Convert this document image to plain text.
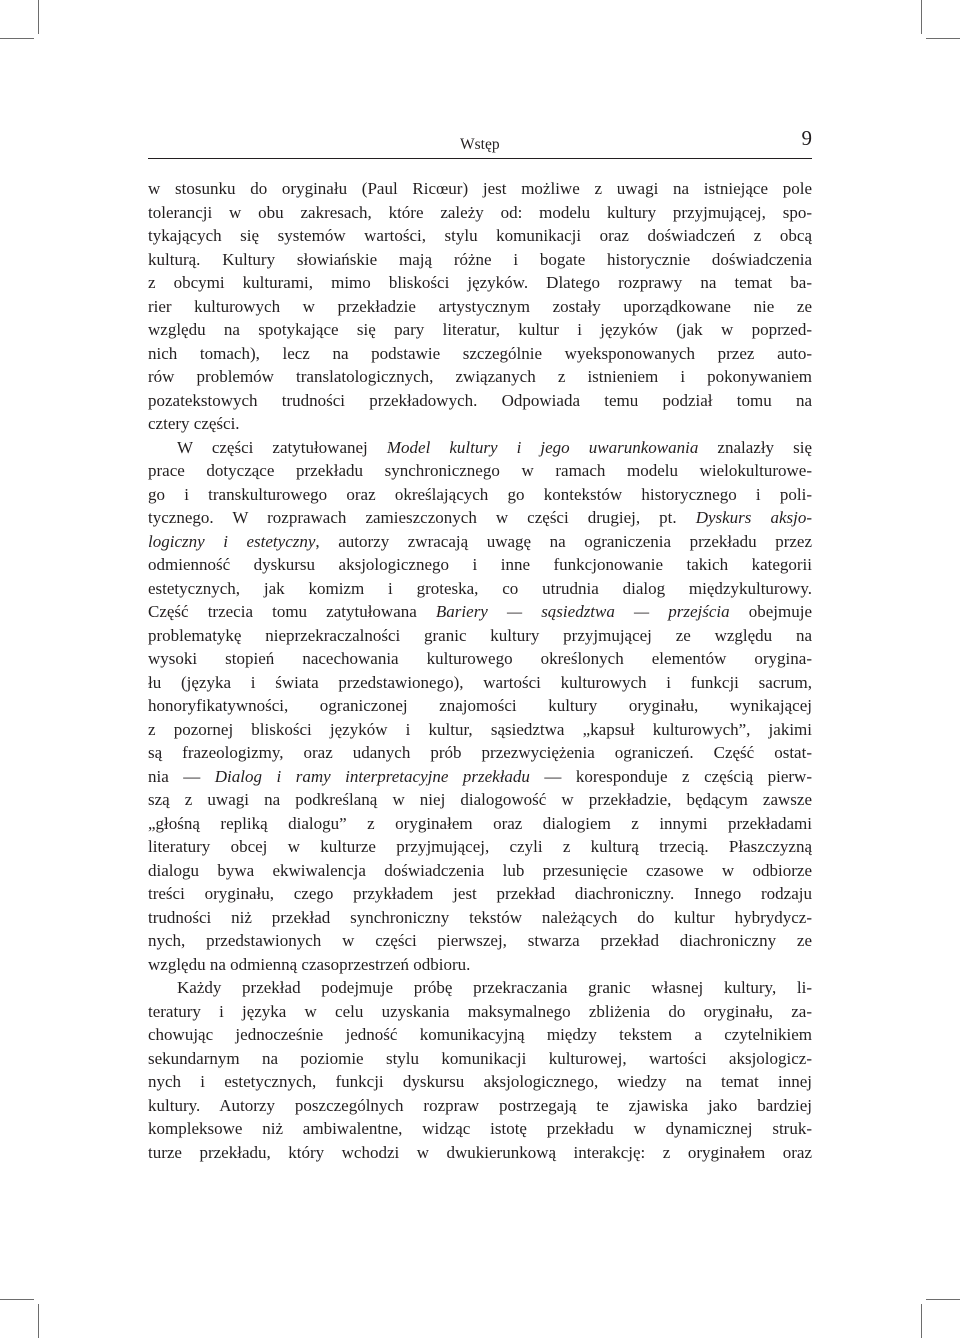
Wstęp	9
w stosunku do oryginału (Paul Ricœur) jest możliwe z uwagi na istniejące pole
tolerancji w obu zakresach, które zależy od: modelu kultury przyjmującej, spo-
tykających się systemów wartości, stylu komunikacji oraz doświadczeń z obcą
kulturą. Kultury słowiańskie mają różne i bogate historycznie doświadczenia
z obcymi kulturami, mimo bliskości języków. Dlatego rozprawy na temat ba-
rier kulturowych w przekładzie artystycznym zostały uporządkowane nie ze
względu na spotykające się pary literatur, kultur i języków (jak w poprzed-
nich tomach), lecz na podstawie szczególnie wyeksponowanych przez auto-
rów problemów translatologicznych, związanych z istnieniem i pokonywaniem
pozatekstowych trudności przekładowych. Odpowiada temu podział tomu na
cztery części.
W części zatytułowanej Model kultury i jego uwarunkowania znalazły się
prace dotyczące przekładu synchronicznego w ramach modelu wielokulturowe-
go i transkulturowego oraz określających go kontekstów historycznego i poli-
tycznego. W rozprawach zamieszczonych w części drugiej, pt. Dyskurs aksjo-
logiczny i estetyczny, autorzy zwracają uwagę na ograniczenia przekładu przez
odmienność dyskursu aksjologicznego i inne funkcjonowanie takich kategorii
estetycznych, jak komizm i groteska, co utrudnia dialog międzykulturowy.
Część trzecia tomu zatytułowana Bariery — sąsiedztwa — przejścia obejmuje
problematykę nieprzekraczalności granic kultury przyjmującej ze względu na
wysoki stopień nacechowania kulturowego określonych elementów orygina-
łu (języka i świata przedstawionego), wartości kulturowych i funkcji sacrum,
honoryfikatywności, ograniczonej znajomości kultury oryginału, wynikającej
z pozornej bliskości języków i kultur, sąsiedztwa „kapsuł kulturowych”, jakimi
są frazeologizmy, oraz udanych prób przezwyciężenia ograniczeń. Część ostat-
nia — Dialog i ramy interpretacyjne przekładu — koresponduje z częścią pierw-
szą z uwagi na podkreślaną w niej dialogowość w przekładzie, będącym zawsze
„głośną repliką dialogu” z oryginałem oraz dialogiem z innymi przekładami
literatury obcej w kulturze przyjmującej, czyli z kulturą trzecią. Płaszczyzną
dialogu bywa ekwiwalencja doświadczenia lub przesunięcie czasowe w odbiorze
treści oryginału, czego przykładem jest przekład diachroniczny. Innego rodzaju
trudności niż przekład synchroniczny tekstów należących do kultur hybrydycz-
nych, przedstawionych w części pierwszej, stwarza przekład diachroniczny ze
względu na odmienną czasoprzestrzeń odbioru.
Każdy przekład podejmuje próbę przekraczania granic własnej kultury, li-
teratury i języka w celu uzyskania maksymalnego zbliżenia do oryginału, za-
chowując jednocześnie jedność komunikacyjną między tekstem a czytelnikiem
sekundarnym na poziomie stylu komunikacji kulturowej, wartości aksjologicz-
nych i estetycznych, funkcji dyskursu aksjologicznego, wiedzy na temat innej
kultury. Autorzy poszczególnych rozpraw postrzegają te zjawiska jako bardziej
kompleksowe niż ambiwalentne, widząc istotę przekładu w dynamicznej struk-
turze przekładu, który wchodzi w dwukierunkową interakcję: z oryginałem oraz
